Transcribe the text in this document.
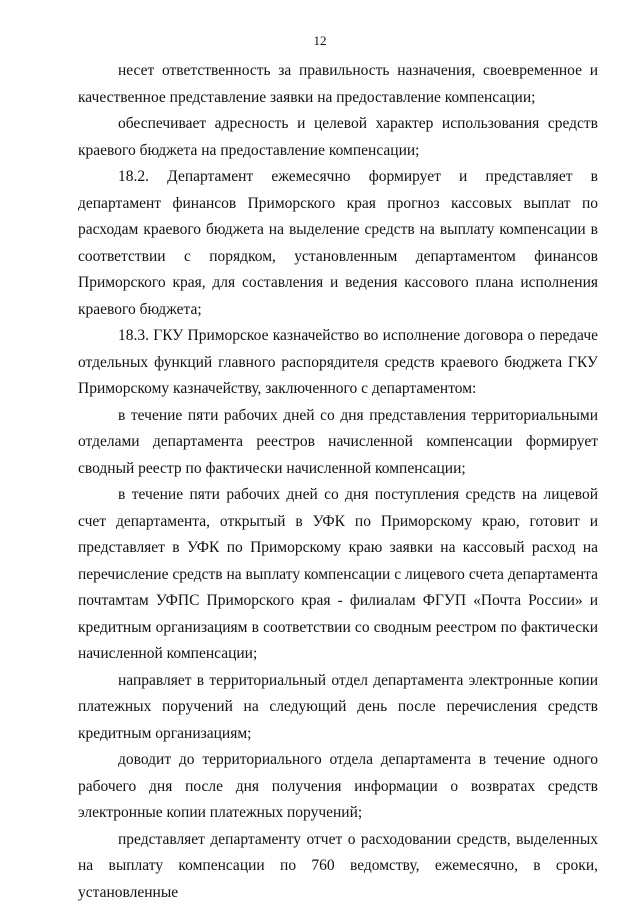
12

несет ответственность за правильность назначения, своевременное и качественное представление заявки на предоставление компенсации;

обеспечивает адресность и целевой характер использования средств краевого бюджета на предоставление компенсации;

18.2. Департамент ежемесячно формирует и представляет в департамент финансов Приморского края прогноз кассовых выплат по расходам краевого бюджета на выделение средств на выплату компенсации в соответствии с порядком, установленным департаментом финансов Приморского края, для составления и ведения кассового плана исполнения краевого бюджета;

18.3. ГКУ Приморское казначейство во исполнение договора о передаче отдельных функций главного распорядителя средств краевого бюджета ГКУ Приморскому казначейству, заключенного с департаментом:

в течение пяти рабочих дней со дня представления территориальными отделами департамента реестров начисленной компенсации формирует сводный реестр по фактически начисленной компенсации;

в течение пяти рабочих дней со дня поступления средств на лицевой счет департамента, открытый в УФК по Приморскому краю, готовит и представляет в УФК по Приморскому краю заявки на кассовый расход на перечисление средств на выплату компенсации с лицевого счета департамента почтамтам УФПС Приморского края - филиалам ФГУП «Почта России» и кредитным организациям в соответствии со сводным реестром по фактически начисленной компенсации;

направляет в территориальный отдел департамента электронные копии платежных поручений на следующий день после перечисления средств кредитным организациям;

доводит до территориального отдела департамента в течение одного рабочего дня после дня получения информации о возвратах средств электронные копии платежных поручений;

представляет департаменту отчет о расходовании средств, выделенных на выплату компенсации по 760 ведомству, ежемесячно, в сроки, установленные
